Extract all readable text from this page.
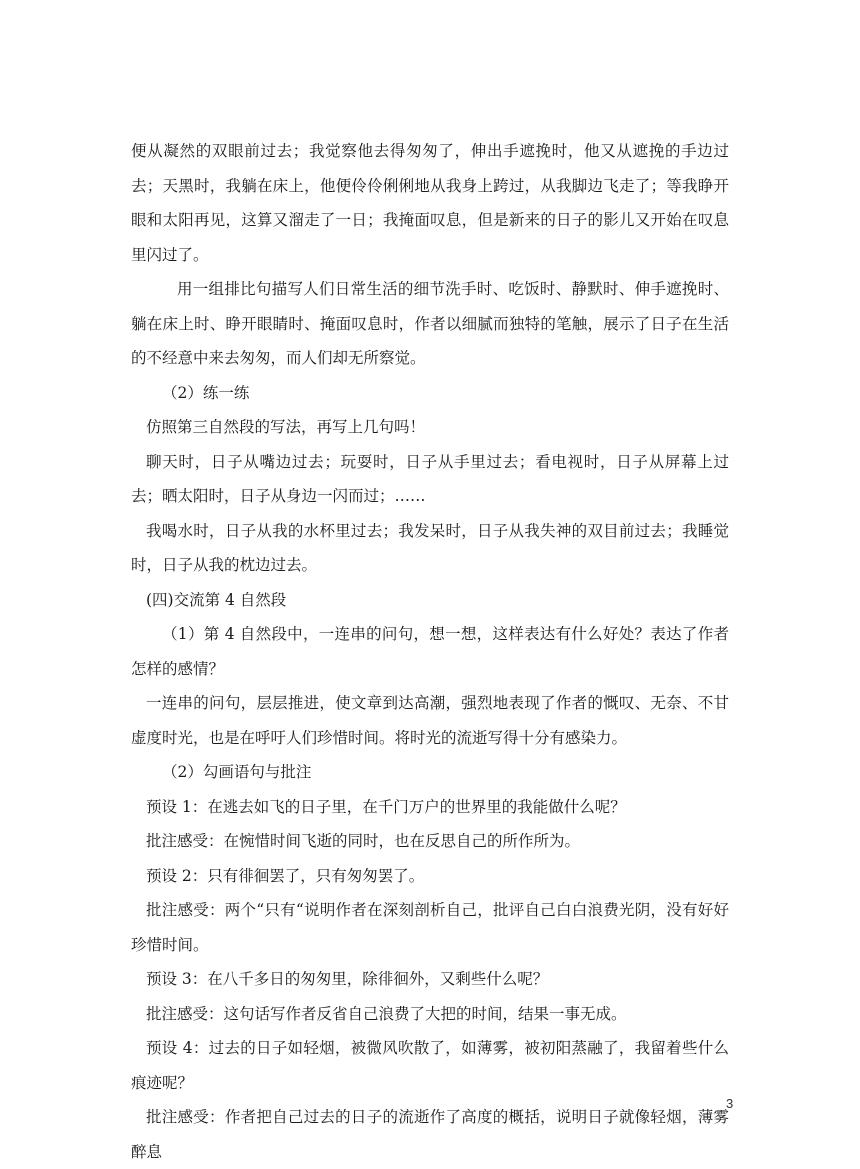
便从凝然的双眼前过去；我觉察他去得匆匆了，伸出手遮挽时，他又从遮挽的手边过去；天黑时，我躺在床上，他便伶伶俐俐地从我身上跨过，从我脚边飞走了；等我睁开眼和太阳再见，这算又溜走了一日；我掩面叹息，但是新来的日子的影儿又开始在叹息里闪过了。

用一组排比句描写人们日常生活的细节洗手时、吃饭时、静默时、伸手遮挽时、躺在床上时、睁开眼睛时、掩面叹息时，作者以细腻而独特的笔触，展示了日子在生活的不经意中来去匆匆，而人们却无所察觉。

（2）练一练

仿照第三自然段的写法，再写上几句吗！

聊天时，日子从嘴边过去；玩耍时，日子从手里过去；看电视时，日子从屏幕上过去；晒太阳时，日子从身边一闪而过；……

我喝水时，日子从我的水杯里过去；我发呆时，日子从我失神的双目前过去；我睡觉时，日子从我的枕边过去。

(四)交流第 4 自然段

（1）第 4 自然段中，一连串的问句，想一想，这样表达有什么好处？表达了作者怎样的感情？

一连串的问句，层层推进，使文章到达高潮，强烈地表现了作者的慨叹、无奈、不甘虚度时光，也是在呼吁人们珍惜时间。将时光的流逝写得十分有感染力。

（2）勾画语句与批注

预设 1：在逃去如飞的日子里，在千门万户的世界里的我能做什么呢？

批注感受：在惋惜时间飞逝的同时，也在反思自己的所作所为。

预设 2：只有徘徊罢了，只有匆匆罢了。

批注感受：两个“只有“说明作者在深刻剖析自己，批评自己白白浪费光阴，没有好好珍惜时间。

预设 3：在八千多日的匆匆里，除徘徊外，又剩些什么呢？

批注感受：这句话写作者反省自己浪费了大把的时间，结果一事无成。

预设 4：过去的日子如轻烟，被微风吹散了，如薄雾，被初阳蒸融了，我留着些什么痕迹呢？

批注感受：作者把自己过去的日子的流逝作了高度的概括，说明日子就像轻烟，薄雾醉息

3
